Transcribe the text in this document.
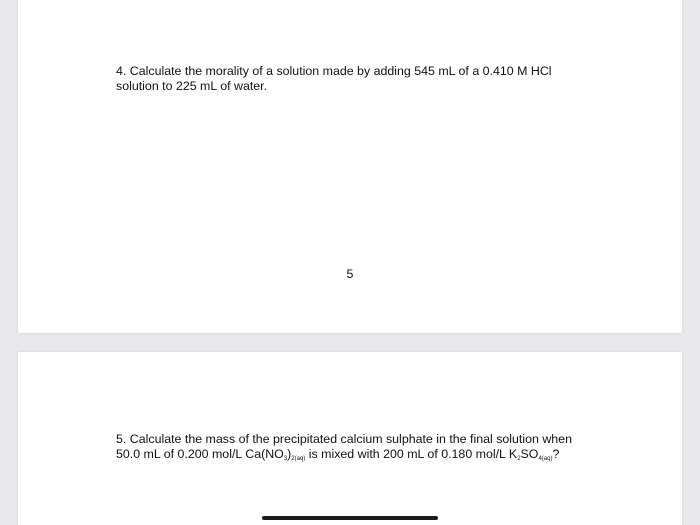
4. Calculate the morality of a solution made by adding 545 mL of a 0.410 M HCl solution to 225 mL of water.
5
5. Calculate the mass of the precipitated calcium sulphate in the final solution when 50.0 mL of 0.200 mol/L $Ca(NO_3)_{2(aq)}$ is mixed with 200 mL of 0.180 mol/L $K_2SO_{4(aq)}$?
